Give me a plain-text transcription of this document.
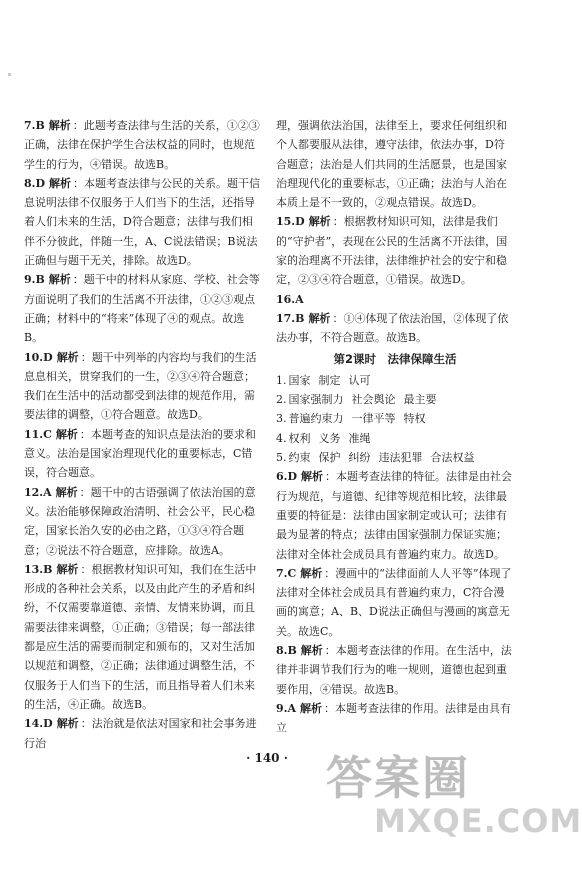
7.B 解析 ：此题考查法律与生活的关系，①②③正确，法律在保护学生合法权益的同时，也规范学生的行为，④错误。故选B。

8.D 解析 ：本题考查法律与公民的关系。题干信息说明法律不仅服务于人们当下的生活，还指导着人们未来的生活，D符合题意；法律与我们相伴不分彼此，伴随一生，A、C说法错误；B说法正确但与题干无关，排除。故选D。

9.B 解析 ：题干中的材料从家庭、学校、社会等方面说明了我们的生活离不开法律，①②③观点正确；材料中的“将来”体现了④的观点。故选B。

10.D 解析 ：题干中列举的内容均与我们的生活息息相关，贯穿我们的一生，②③④符合题意；我们在生活中的活动都受到法律的规范作用，需要法律的调整，①符合题意。故选D。

11.C 解析 ：本题考查的知识点是法治的要求和意义。法治是国家治理现代化的重要标志，C错误，符合题意。

12.A 解析 ：题干中的古语强调了依法治国的意义。法治能够保障政治清明、社会公平，民心稳定，国家长治久安的必由之路，①③④符合题意；②说法不符合题意，应排除。故选A。

13.B 解析 ：根据教材知识可知，我们在生活中形成的各种社会关系，以及由此产生的矛盾和纠纷，不仅需要靠道德、亲情、友情来协调，而且需要法律来调整，①正确；③错误；每一部法律都是应生活的需要而制定和颁布的，又对生活加以规范和调整，②正确；法律通过调整生活，不仅服务于人们当下的生活，而且指导着人们未来的生活，④正确。故选B。

14.D 解析 ：法治就是依法对国家和社会事务进行治

理，强调依法治国，法律至上，要求任何组织和个人都要服从法律，遵守法律，依法办事，D符合题意；法治是人们共同的生活愿景，也是国家治理现代化的重要标志，①正确；法治与人治在本质上是不一致的，②观点错误。故选D。

15.D 解析 ：根据教材知识可知，法律是我们的“守护者”，表现在公民的生活离不开法律，国家的治理离不开法律，法律维护社会的安宁和稳定，②③④符合题意，①错误。故选D。

16.A

17.B 解析 ：①④体现了依法治国，②体现了依法办事，不符合题意。故选B。

第2课时　法律保障生活

1. 国家 制定 认可

2. 国家强制力 社会舆论 最主要

3. 普遍约束力 一律平等 特权

4. 权利 义务 准绳

5. 约束 保护 纠纷 违法犯罪 合法权益

6.D 解析 ：本题考查法律的特征。法律是由社会行为规范，与道德、纪律等规范相比较，法律最重要的特征是：法律由国家制定或认可；法律有最为显著的特点；法律由国家强制力保证实施；法律对全体社会成员具有普遍约束力。故选D。

7.C 解析 ：漫画中的“法律面前人人平等”体现了法律对全体社会成员具有普遍约束力，C符合漫画的寓意；A、B、D说法正确但与漫画的寓意无关。故选C。

8.B 解析 ：本题考查法律的作用。在生活中，法律并非调节我们行为的唯一规则，道德也起到重要作用，④错误。故选B。

9.A 解析 ：本题考查法律的作用。法律是由具有立

· 140 · 答案圈
MXQE.COM
